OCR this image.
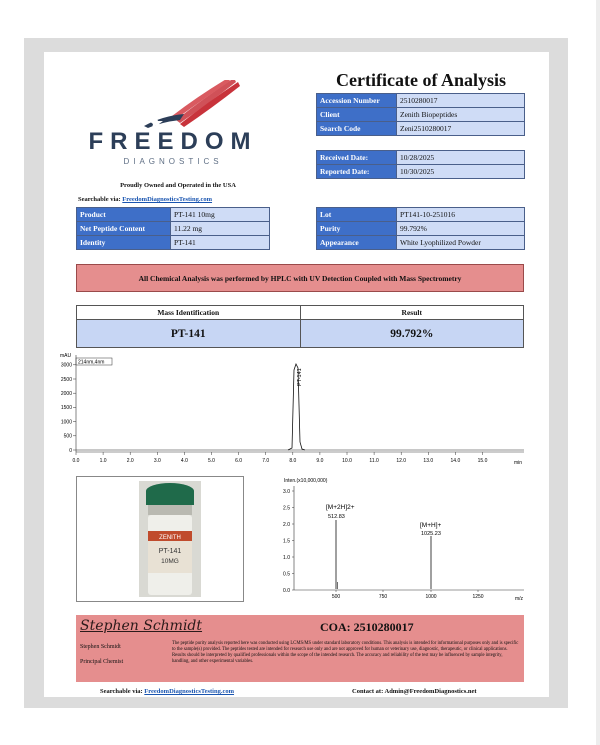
FREEDOM
DIAGNOSTICS
Proudly Owned and Operated in the USA
Searchable via: FreedomDiagnosticsTesting.com
Certificate of Analysis
Accession Number	2510280017
Client	Zenith Biopeptides
Search Code	Zeni2510280017
Received Date:	10/28/2025
Reported Date:	10/30/2025
Product	PT-141 10mg
Net Peptide Content	11.22 mg
Identity	PT-141
Lot	PT141-10-251016
Purity	99.792%
Appearance	White Lyophilized Powder
All Chemical Analysis was performed by HPLC with UV Detection Coupled with Mass Spectrometry
Mass Identification	Result
PT-141	99.792%
mAU
214nm,4nm
0
500
1000
1500
2000
2500
3000
0.0	1.0	2.0	3.0	4.0	5.0	6.0	7.0	8.0	9.0	10.0	11.0	12.0	13.0	14.0	15.0
PT-141
min
ZENITH
PT-141
10MG
Inten.(x10,000,000)
0.0
0.5
1.0
1.5
2.0
2.5
3.0
500	750	1000	1250
[M+2H]2+
512.83
[M+H]+
1025.23
m/z
Stephen Schmidt	COA: 2510280017
Stephen Schmidt
Principal Chemist
The peptide purity analysis reported here was conducted using LCMS/MS under standard laboratory conditions. This analysis is intended for informational purposes only and is specific to the sample(s) provided. The peptides tested are intended for research use only and are not approved for human or veterinary use, diagnostic, therapeutic, or clinical applications. Results should be interpreted by qualified professionals within the scope of the intended research. The accuracy and reliability of the test may be influenced by sample integrity, handling, and other experimental variables.
Searchable via: FreedomDiagnosticsTesting.com	Contact at: Admin@FreedomDiagnostics.net
